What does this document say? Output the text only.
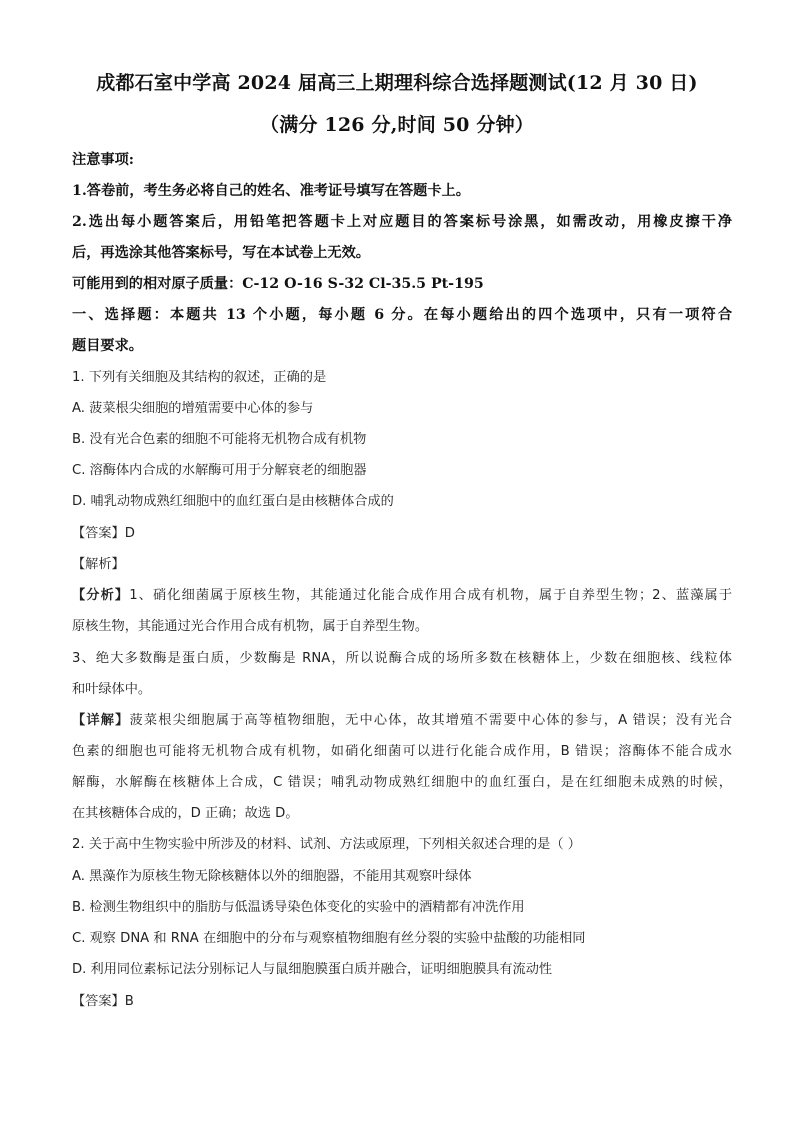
成都石室中学高 2024 届高三上期理科综合选择题测试(12 月 30 日)
（满分 126 分,时间 50 分钟）
注意事项:
1.答卷前，考生务必将自己的姓名、准考证号填写在答题卡上。
2.选出每小题答案后，用铅笔把答题卡上对应题目的答案标号涂黑，如需改动，用橡皮擦干净
后，再选涂其他答案标号，写在本试卷上无效。
可能用到的相对原子质量：C-12 O-16 S-32 Cl-35.5 Pt-195
一、选择题：本题共 13 个小题，每小题 6 分。在每小题给出的四个选项中，只有一项符合
题目要求。
1. 下列有关细胞及其结构的叙述，正确的是
A. 菠菜根尖细胞的增殖需要中心体的参与
B. 没有光合色素的细胞不可能将无机物合成有机物
C. 溶酶体内合成的水解酶可用于分解衰老的细胞器
D. 哺乳动物成熟红细胞中的血红蛋白是由核糖体合成的
【答案】D
【解析】
【分析】1、硝化细菌属于原核生物，其能通过化能合成作用合成有机物，属于自养型生物；2、蓝藻属于
原核生物，其能通过光合作用合成有机物，属于自养型生物。
3、绝大多数酶是蛋白质，少数酶是 RNA，所以说酶合成的场所多数在核糖体上，少数在细胞核、线粒体
和叶绿体中。
【详解】菠菜根尖细胞属于高等植物细胞，无中心体，故其增殖不需要中心体的参与，A 错误；没有光合
色素的细胞也可能将无机物合成有机物，如硝化细菌可以进行化能合成作用，B 错误；溶酶体不能合成水
解酶，水解酶在核糖体上合成，C 错误；哺乳动物成熟红细胞中的血红蛋白，是在红细胞未成熟的时候，
在其核糖体合成的，D 正确；故选 D。
2. 关于高中生物实验中所涉及的材料、试剂、方法或原理，下列相关叙述合理的是（ ）
A. 黑藻作为原核生物无除核糖体以外的细胞器，不能用其观察叶绿体
B. 检测生物组织中的脂肪与低温诱导染色体变化的实验中的酒精都有冲洗作用
C. 观察 DNA 和 RNA 在细胞中的分布与观察植物细胞有丝分裂的实验中盐酸的功能相同
D. 利用同位素标记法分别标记人与鼠细胞膜蛋白质并融合，证明细胞膜具有流动性
【答案】B
